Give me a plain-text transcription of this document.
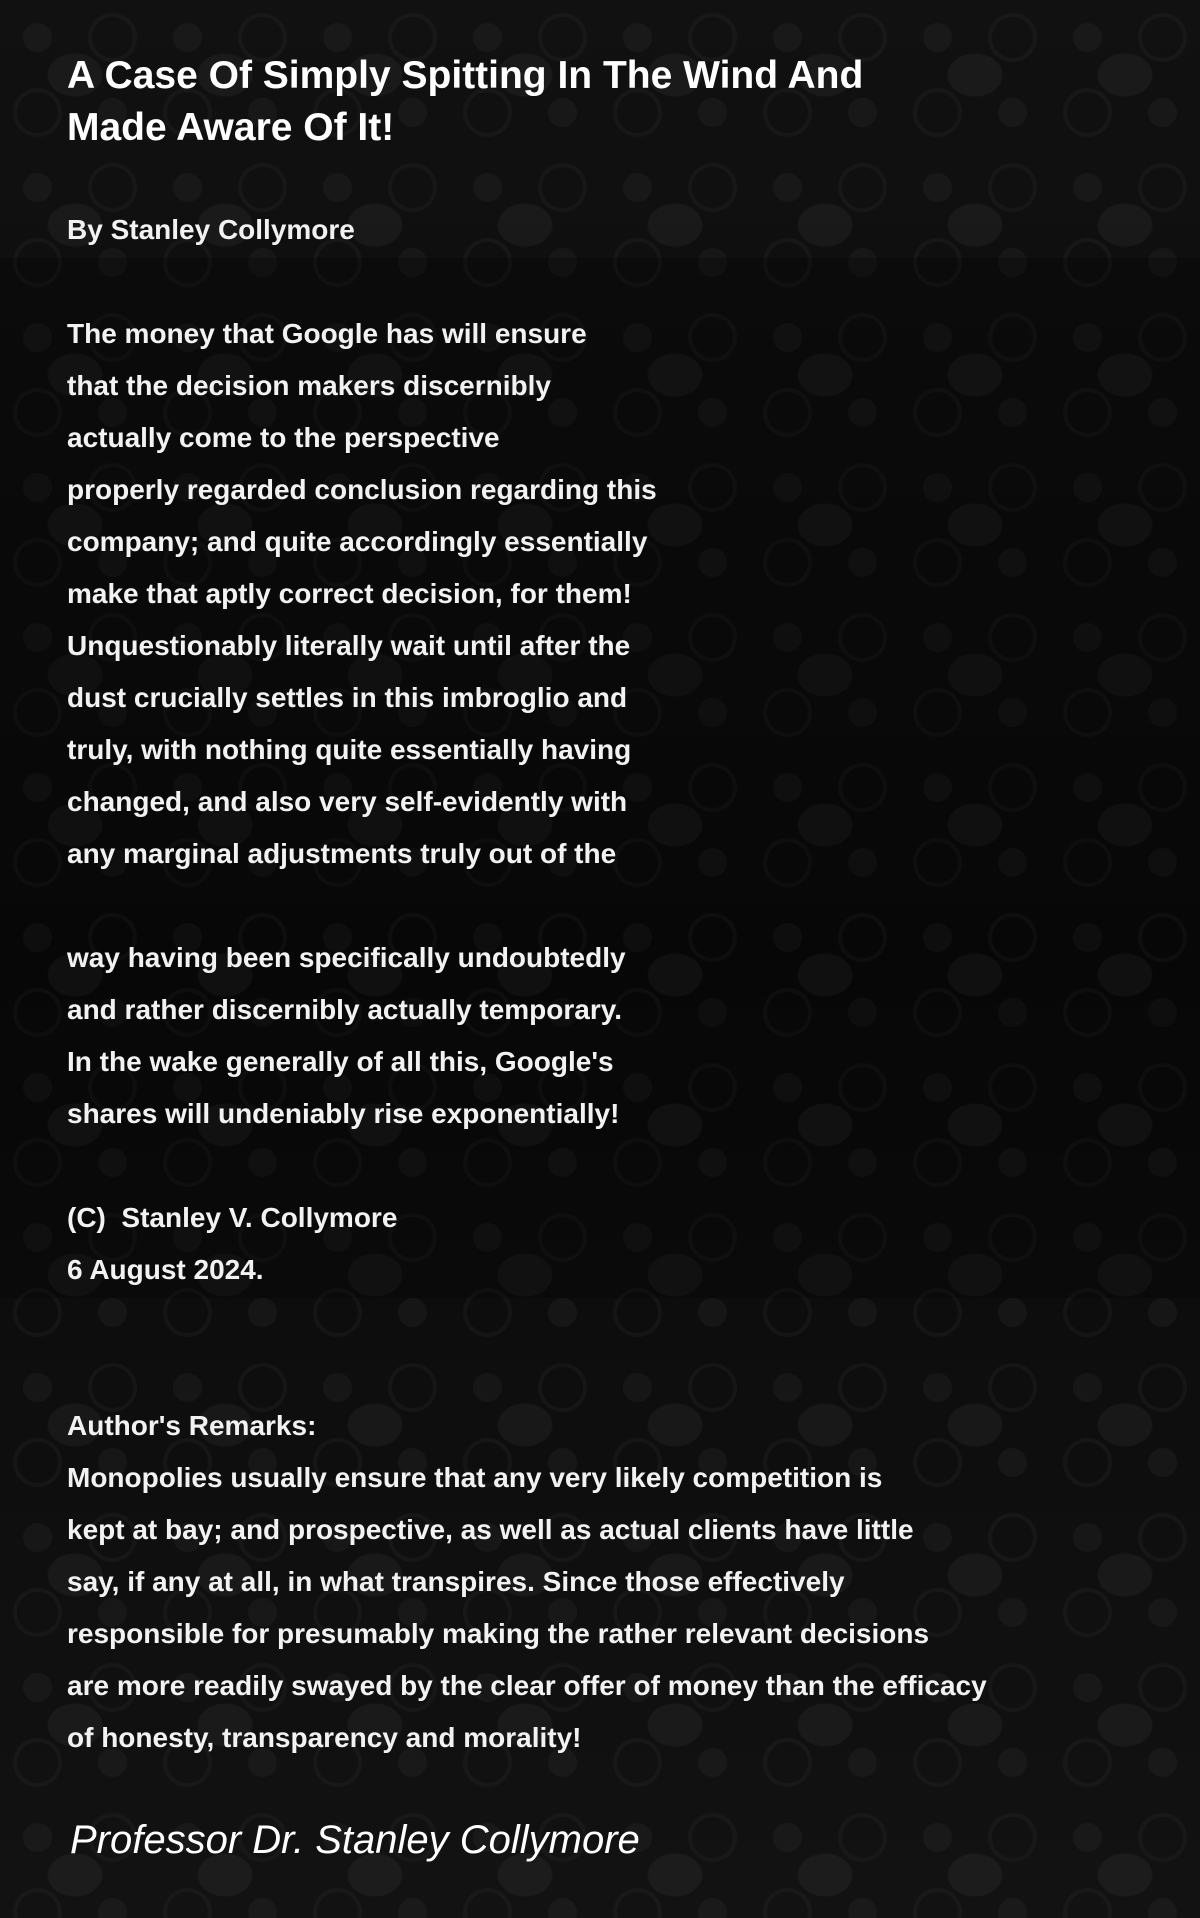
A Case Of Simply Spitting In The Wind And
Made Aware Of It!
By Stanley Collymore
The money that Google has will ensure
that the decision makers discernibly
actually come to the perspective
properly regarded conclusion regarding this
company; and quite accordingly essentially
make that aptly correct decision, for them!
Unquestionably literally wait until after the
dust crucially settles in this imbroglio and
truly, with nothing quite essentially having
changed, and also very self-evidently with
any marginal adjustments truly out of the
way having been specifically undoubtedly
and rather discernibly actually temporary.
In the wake generally of all this, Google's
shares will undeniably rise exponentially!
(C)  Stanley V. Collymore
6 August 2024.
Author's Remarks:
Monopolies usually ensure that any very likely competition is
kept at bay; and prospective, as well as actual clients have little
say, if any at all, in what transpires. Since those effectively
responsible for presumably making the rather relevant decisions
are more readily swayed by the clear offer of money than the efficacy
of honesty, transparency and morality!
Professor Dr. Stanley Collymore
